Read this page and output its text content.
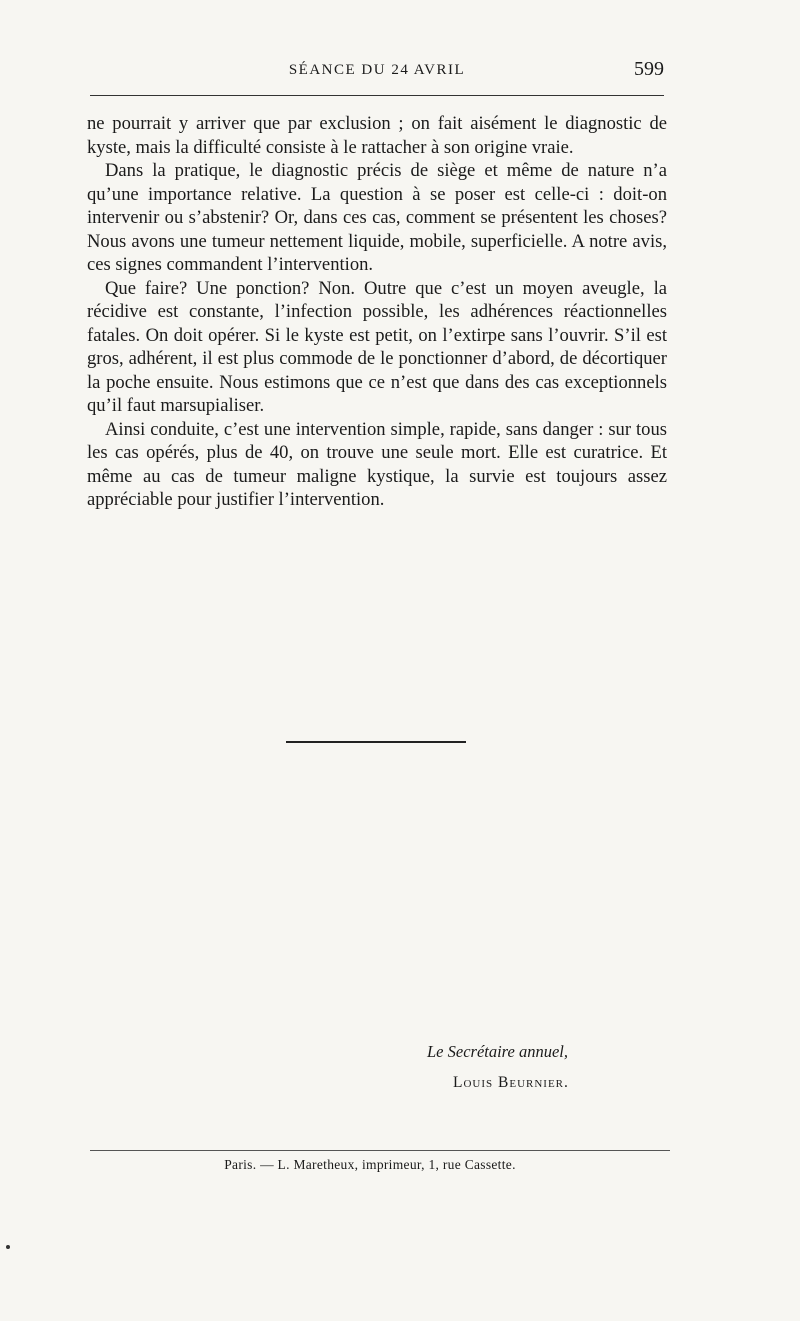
SÉANCE DU 24 AVRIL	599

ne pourrait y arriver que par exclusion ; on fait aisément le diagnostic de kyste, mais la difficulté consiste à le rattacher à son origine vraie.

Dans la pratique, le diagnostic précis de siège et même de nature n’a qu’une importance relative. La question à se poser est celle-ci : doit-on intervenir ou s’abstenir? Or, dans ces cas, comment se présentent les choses? Nous avons une tumeur nettement liquide, mobile, superficielle. A notre avis, ces signes commandent l’intervention.

Que faire? Une ponction? Non. Outre que c’est un moyen aveugle, la récidive est constante, l’infection possible, les adhérences réactionnelles fatales. On doit opérer. Si le kyste est petit, on l’extirpe sans l’ouvrir. S’il est gros, adhérent, il est plus commode de le ponctionner d’abord, de décortiquer la poche ensuite. Nous estimons que ce n’est que dans des cas exceptionnels qu’il faut marsupialiser.

Ainsi conduite, c’est une intervention simple, rapide, sans danger : sur tous les cas opérés, plus de 40, on trouve une seule mort. Elle est curatrice. Et même au cas de tumeur maligne kystique, la survie est toujours assez appréciable pour justifier l’intervention.

Le Secrétaire annuel,
Louis Beurnier.
Paris. — L. Maretheux, imprimeur, 1, rue Cassette.
